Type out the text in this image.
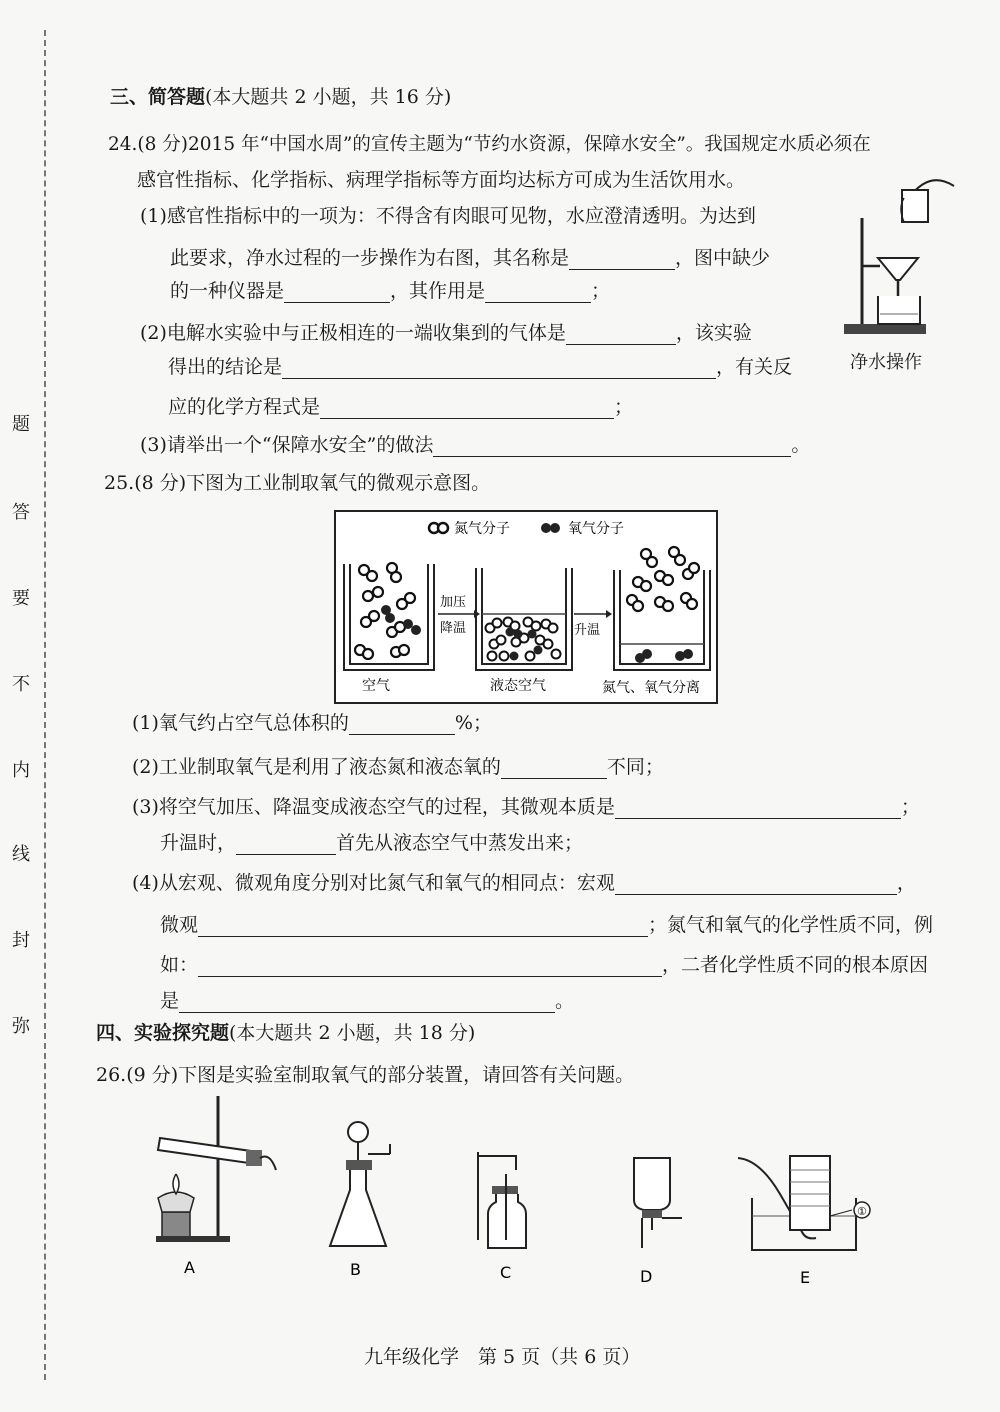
题
答
要
不
内
线
封
弥
三、简答题(本大题共 2 小题，共 16 分)
24.(8 分)2015 年“中国水周”的宣传主题为“节约水资源，保障水安全”。我国规定水质必须在
感官性指标、化学指标、病理学指标等方面均达标方可成为生活饮用水。
(1)感官性指标中的一项为：不得含有肉眼可见物，水应澄清透明。为达到
此要求，净水过程的一步操作为右图，其名称是	，图中缺少
的一种仪器是	，其作用是	；
(2)电解水实验中与正极相连的一端收集到的气体是	，该实验
得出的结论是	，有关反
应的化学方程式是	；
(3)请举出一个“保障水安全”的做法	。
净水操作
25.(8 分)下图为工业制取氧气的微观示意图。
氮气分子	氧气分子
空气
加压
降温
液态空气
升温
氮气、氧气分离
(1)氧气约占空气总体积的	%；
(2)工业制取氧气是利用了液态氮和液态氧的	不同；
(3)将空气加压、降温变成液态空气的过程，其微观本质是	；
升温时，	首先从液态空气中蒸发出来；
(4)从宏观、微观角度分别对比氮气和氧气的相同点：宏观	，
微观	；氮气和氧气的化学性质不同，例
如：	，二者化学性质不同的根本原因
是	。
四、实验探究题(本大题共 2 小题，共 18 分)
26.(9 分)下图是实验室制取氧气的部分装置，请回答有关问题。
A	B	C	D
①
E
九年级化学　第 5 页（共 6 页）
